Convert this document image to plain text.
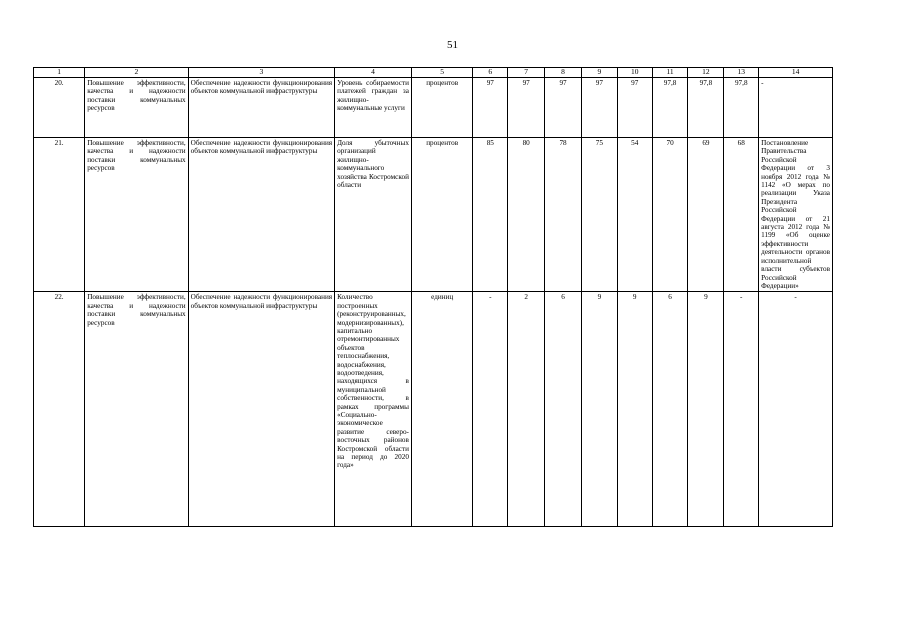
51
1	2	3	4	5	6	7	8	9	10	11	12	13	14
20.	Повышение эффективности, качества и надежности поставки коммунальных ресурсов	Обеспечение надежности функционирования объектов коммунальной инфраструктуры	Уровень собираемости платежей граждан за жилищно-коммунальные услуги	процентов	97	97	97	97	97	97,8	97,8	97,8	-
21.	Повышение эффективности, качества и надежности поставки коммунальных ресурсов	Обеспечение надежности функционирования объектов коммунальной инфраструктуры	Доля убыточных организаций жилищно-коммунального хозяйства Костромской области	процентов	85	80	78	75	54	70	69	68	Постановление Правительства Российской Федерации от 3 ноября 2012 года № 1142 «О мерах по реализации Указа Президента Российской Федерации от 21 августа 2012 года № 1199 «Об оценке эффективности деятельности органов исполнительной власти субъектов Российской Федерации»
22.	Повышение эффективности, качества и надежности поставки коммунальных ресурсов	Обеспечение надежности функционирования объектов коммунальной инфраструктуры	Количество построенных (реконструированных, модернизированных), капитально отремонтированных объектов теплоснабжения, водоснабжения, водоотведения, находящихся в муниципальной собственности, в рамках программы «Социально-экономическое развитие северо-восточных районов Костромской области на период до 2020 года»	единиц	-	2	6	9	9	6	9	-	-
